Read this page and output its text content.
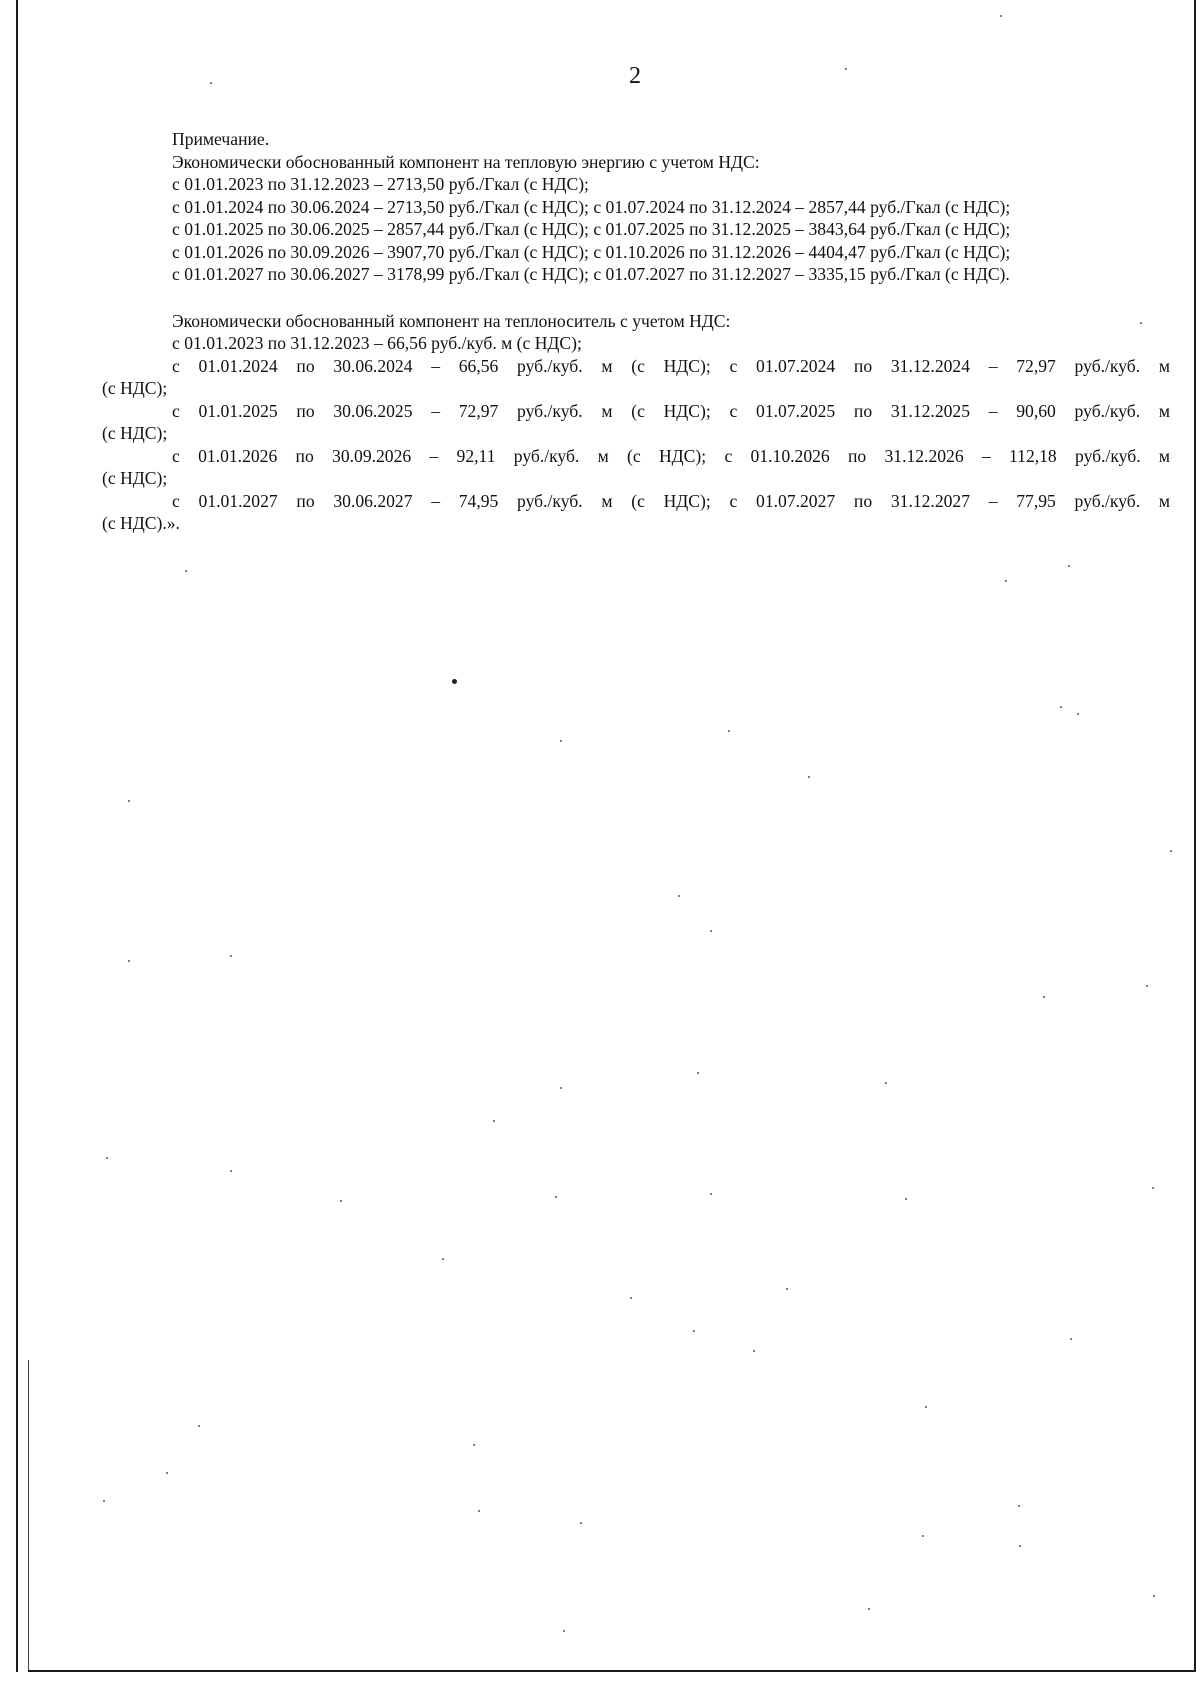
2

Примечание.

Экономически обоснованный компонент на тепловую энергию с учетом НДС:

с 01.01.2023 по 31.12.2023 – 2713,50 руб./Гкал (с НДС);

с 01.01.2024 по 30.06.2024 – 2713,50 руб./Гкал (с НДС); с 01.07.2024 по 31.12.2024 – 2857,44 руб./Гкал (с НДС);

с 01.01.2025 по 30.06.2025 – 2857,44 руб./Гкал (с НДС); с 01.07.2025 по 31.12.2025 – 3843,64 руб./Гкал (с НДС);

с 01.01.2026 по 30.09.2026 – 3907,70 руб./Гкал (с НДС); с 01.10.2026 по 31.12.2026 – 4404,47 руб./Гкал (с НДС);

с 01.01.2027 по 30.06.2027 – 3178,99 руб./Гкал (с НДС); с 01.07.2027 по 31.12.2027 – 3335,15 руб./Гкал (с НДС).

Экономически обоснованный компонент на теплоноситель с учетом НДС:

с 01.01.2023 по 31.12.2023 – 66,56 руб./куб. м (с НДС);

с 01.01.2024 по 30.06.2024 – 66,56 руб./куб. м (с НДС); с 01.07.2024 по 31.12.2024 – 72,97 руб./куб. м

(с НДС);

с 01.01.2025 по 30.06.2025 – 72,97 руб./куб. м (с НДС); с 01.07.2025 по 31.12.2025 – 90,60 руб./куб. м

(с НДС);

с 01.01.2026 по 30.09.2026 – 92,11 руб./куб. м (с НДС); с 01.10.2026 по 31.12.2026 – 112,18 руб./куб. м

(с НДС);

с 01.01.2027 по 30.06.2027 – 74,95 руб./куб. м (с НДС); с 01.07.2027 по 31.12.2027 – 77,95 руб./куб. м

(с НДС).».
